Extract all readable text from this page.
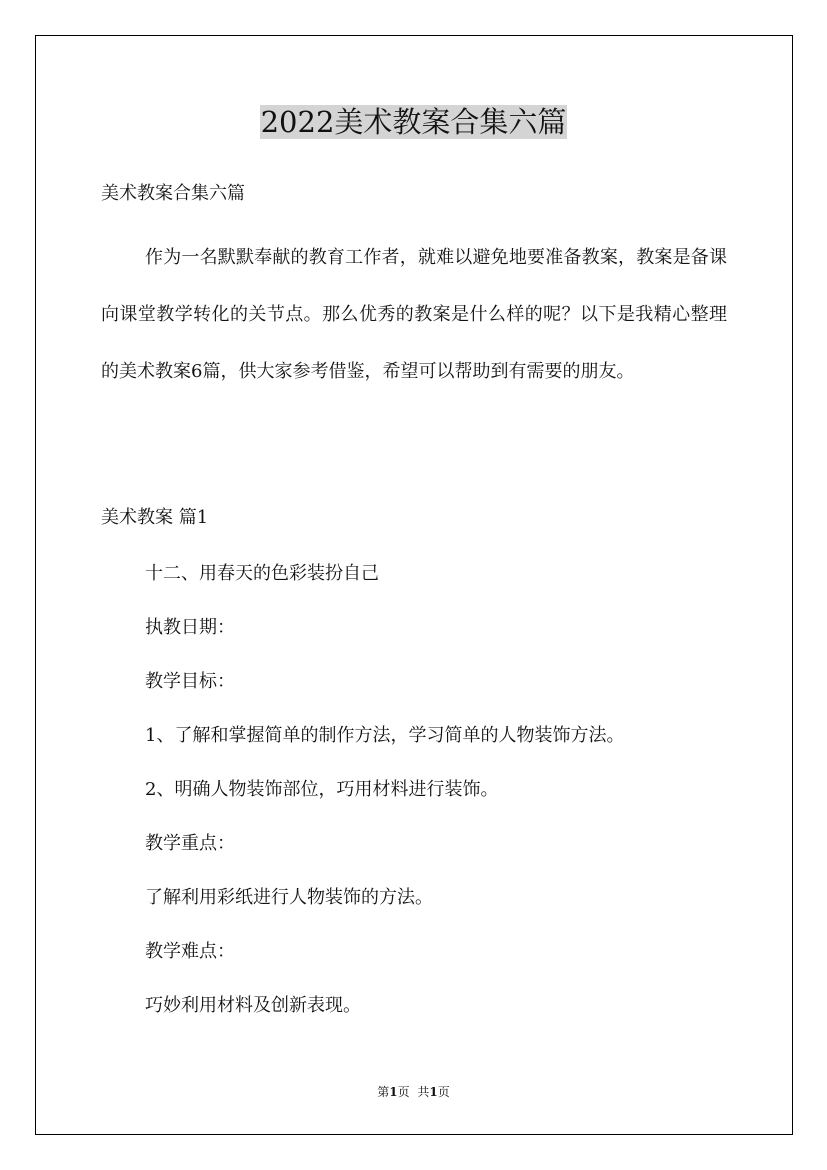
2022美术教案合集六篇
美术教案合集六篇

作为一名默默奉献的教育工作者，就难以避免地要准备教案，教案是备课向课堂教学转化的关节点。那么优秀的教案是什么样的呢？以下是我精心整理的美术教案6篇，供大家参考借鉴，希望可以帮助到有需要的朋友。

美术教案 篇1
十二、用春天的色彩装扮自己
执教日期：
教学目标：
1、了解和掌握简单的制作方法，学习简单的人物装饰方法。
2、明确人物装饰部位，巧用材料进行装饰。
教学重点：
了解利用彩纸进行人物装饰的方法。
教学难点：
巧妙利用材料及创新表现。
第1页 共1页
